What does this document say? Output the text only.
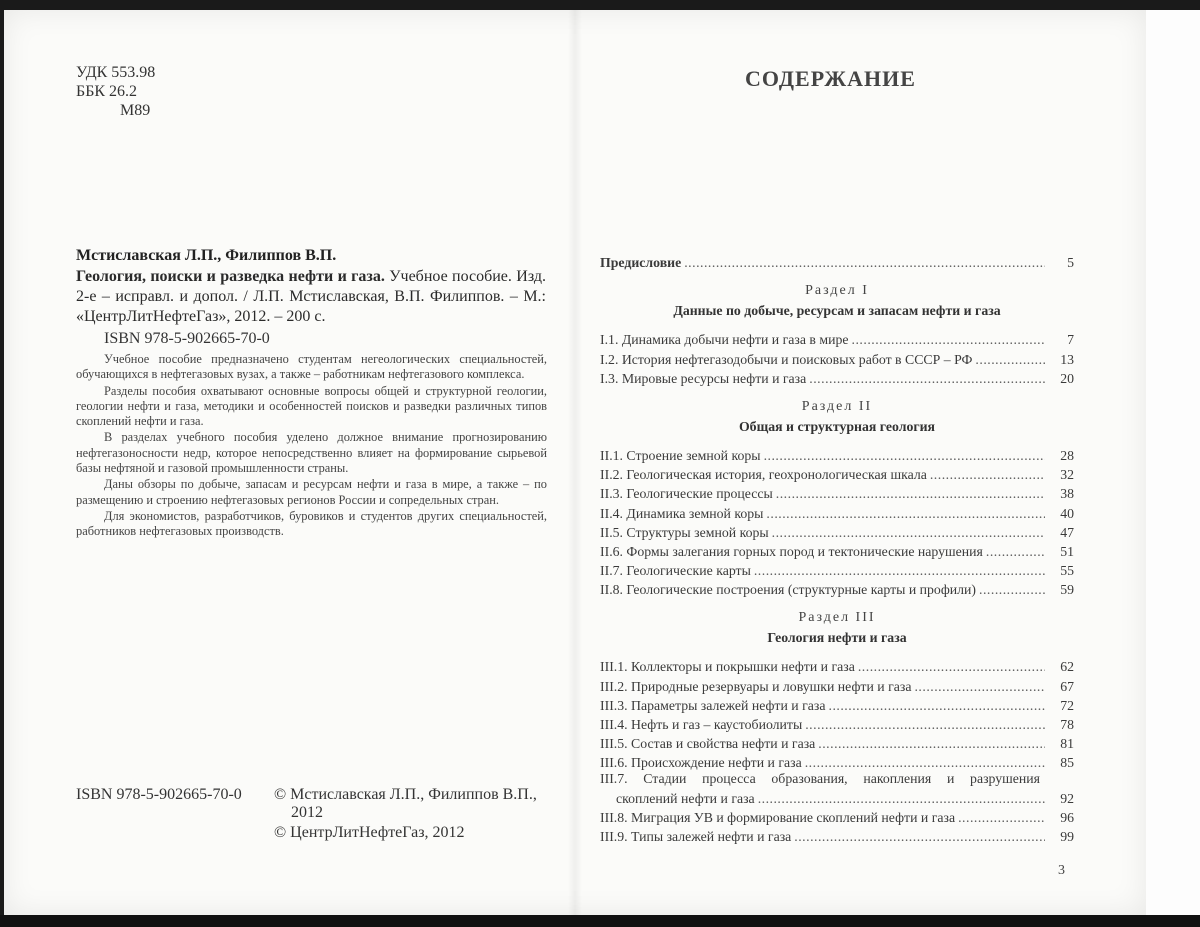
УДК 553.98
ББК 26.2
М89
Мстиславская Л.П., Филиппов В.П.
Геология, поиски и разведка нефти и газа. Учебное пособие. Изд. 2-е – исправл. и допол. / Л.П. Мстиславская, В.П. Филиппов. – М.: «ЦентрЛитНефтеГаз», 2012. – 200 с.
ISBN 978-5-902665-70-0

Учебное пособие предназначено студентам негеологических специальностей, обучающихся в нефтегазовых вузах, а также – работникам нефтегазового комплекса.

Разделы пособия охватывают основные вопросы общей и структурной геологии, геологии нефти и газа, методики и особенностей поисков и разведки различных типов скоплений нефти и газа.

В разделах учебного пособия уделено должное внимание прогнозированию нефтегазоносности недр, которое непосредственно влияет на формирование сырьевой базы нефтяной и газовой промышленности страны.

Даны обзоры по добыче, запасам и ресурсам нефти и газа в мире, а также – по размещению и строению нефтегазовых регионов России и сопредельных стран.

Для экономистов, разработчиков, буровиков и студентов других специальностей, работников нефтегазовых производств.

ISBN 978-5-902665-70-0 © Мстиславская Л.П., Филиппов В.П.,
2012
© ЦентрЛитНефтеГаз, 2012
СОДЕРЖАНИЕ
Предисловие .....	5
Раздел I
Данные по добыче, ресурсам и запасам нефти и газа
I.1. Динамика добычи нефти и газа в мире .....	7
I.2. История нефтегазодобычи и поисковых работ в СССР – РФ .....	13
I.3. Мировые ресурсы нефти и газа .....	20
Раздел II
Общая и структурная геология
II.1. Строение земной коры .....	28
II.2. Геологическая история, геохронологическая шкала .....	32
II.3. Геологические процессы .....	38
II.4. Динамика земной коры .....	40
II.5. Структуры земной коры .....	47
II.6. Формы залегания горных пород и тектонические нарушения .....	51
II.7. Геологические карты .....	55
II.8. Геологические построения (структурные карты и профили) .....	59
Раздел III
Геология нефти и газа
III.1. Коллекторы и покрышки нефти и газа .....	62
III.2. Природные резервуары и ловушки нефти и газа .....	67
III.3. Параметры залежей нефти и газа .....	72
III.4. Нефть и газ – каустобиолиты .....	78
III.5. Состав и свойства нефти и газа .....	81
III.6. Происхождение нефти и газа .....	85
III.7. Стадии процесса образования, накопления и разрушения
скоплений нефти и газа .....	92
III.8. Миграция УВ и формирование скоплений нефти и газа .....	96
III.9. Типы залежей нефти и газа .....	99
3
